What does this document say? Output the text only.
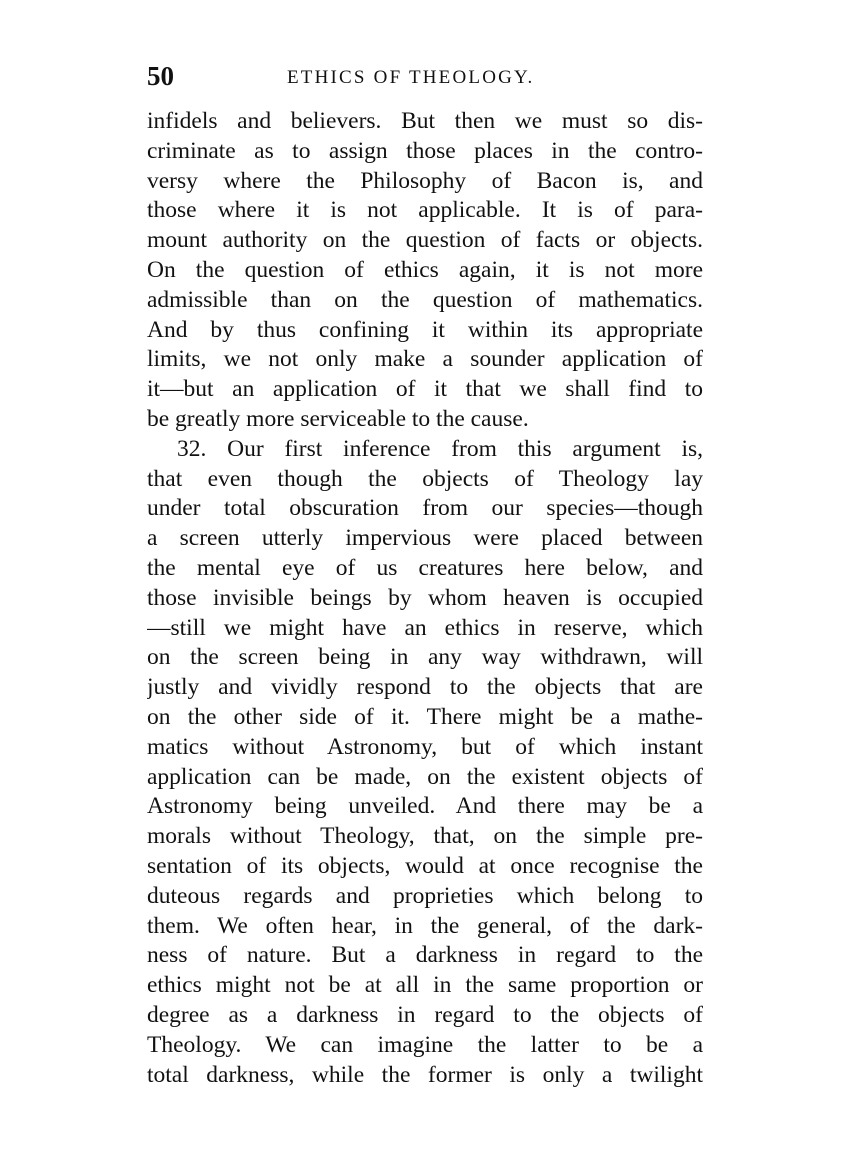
50	ETHICS OF THEOLOGY.
infidels and believers. But then we must so dis-
criminate as to assign those places in the contro-
versy where the Philosophy of Bacon is, and
those where it is not applicable. It is of para-
mount authority on the question of facts or objects.
On the question of ethics again, it is not more
admissible than on the question of mathematics.
And by thus confining it within its appropriate
limits, we not only make a sounder application of
it—but an application of it that we shall find to
be greatly more serviceable to the cause.
32. Our first inference from this argument is,
that even though the objects of Theology lay
under total obscuration from our species—though
a screen utterly impervious were placed between
the mental eye of us creatures here below, and
those invisible beings by whom heaven is occupied
—still we might have an ethics in reserve, which
on the screen being in any way withdrawn, will
justly and vividly respond to the objects that are
on the other side of it. There might be a mathe-
matics without Astronomy, but of which instant
application can be made, on the existent objects of
Astronomy being unveiled. And there may be a
morals without Theology, that, on the simple pre-
sentation of its objects, would at once recognise the
duteous regards and proprieties which belong to
them. We often hear, in the general, of the dark-
ness of nature. But a darkness in regard to the
ethics might not be at all in the same proportion or
degree as a darkness in regard to the objects of
Theology. We can imagine the latter to be a
total darkness, while the former is only a twilight
